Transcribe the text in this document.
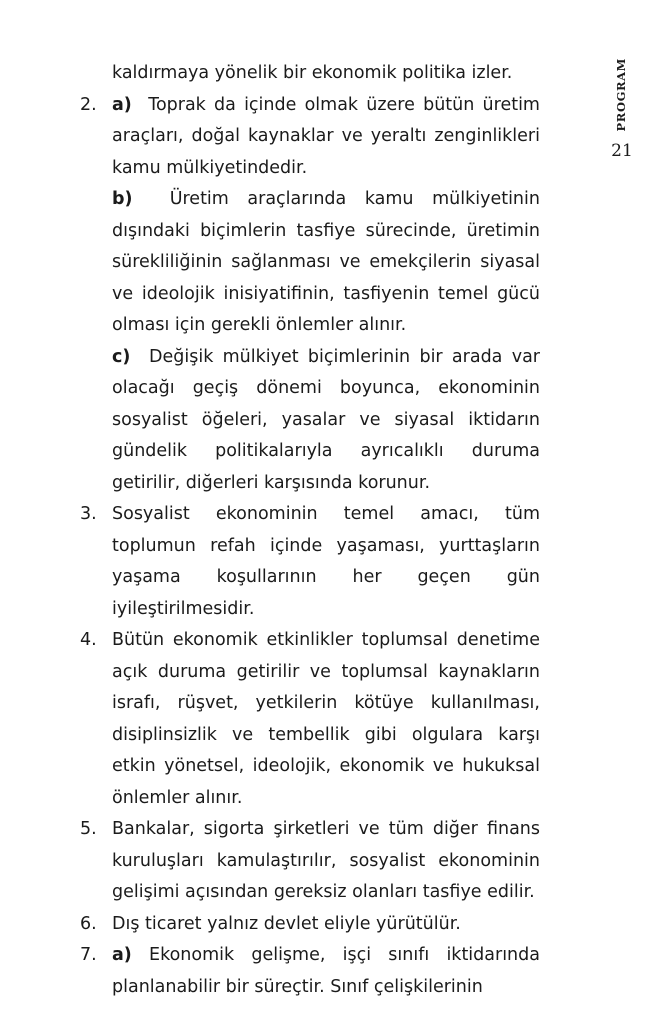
PROGRAM
21
kaldırmaya yönelik bir ekonomik politika izler.
2. a) Toprak da içinde olmak üzere bütün üretim araçları, doğal kaynaklar ve yeraltı zenginlikleri kamu mülkiyetindedir.
b) Üretim araçlarında kamu mülkiyetinin dışındaki biçimlerin tasfiye sürecinde, üretimin sürekliliğinin sağlanması ve emekçilerin siyasal ve ideolojik inisiyatifinin, tasfiyenin temel gücü olması için gerekli önlemler alınır.
c) Değişik mülkiyet biçimlerinin bir arada var olacağı geçiş dönemi boyunca, ekonominin sosyalist öğeleri, yasalar ve siyasal iktidarın gündelik politikalarıyla ayrıcalıklı duruma getirilir, diğerleri karşısında korunur.
3. Sosyalist ekonominin temel amacı, tüm toplumun refah içinde yaşaması, yurttaşların yaşama koşullarının her geçen gün iyileştirilmesidir.
4. Bütün ekonomik etkinlikler toplumsal denetime açık duruma getirilir ve toplumsal kaynakların israfı, rüşvet, yetkilerin kötüye kullanılması, disiplinsizlik ve tembellik gibi olgulara karşı etkin yönetsel, ideolojik, ekonomik ve hukuksal önlemler alınır.
5. Bankalar, sigorta şirketleri ve tüm diğer finans kuruluşları kamulaştırılır, sosyalist ekonominin gelişimi açısından gereksiz olanları tasfiye edilir.
6. Dış ticaret yalnız devlet eliyle yürütülür.
7. a) Ekonomik gelişme, işçi sınıfı iktidarında planlanabilir bir süreçtir. Sınıf çelişkilerinin
